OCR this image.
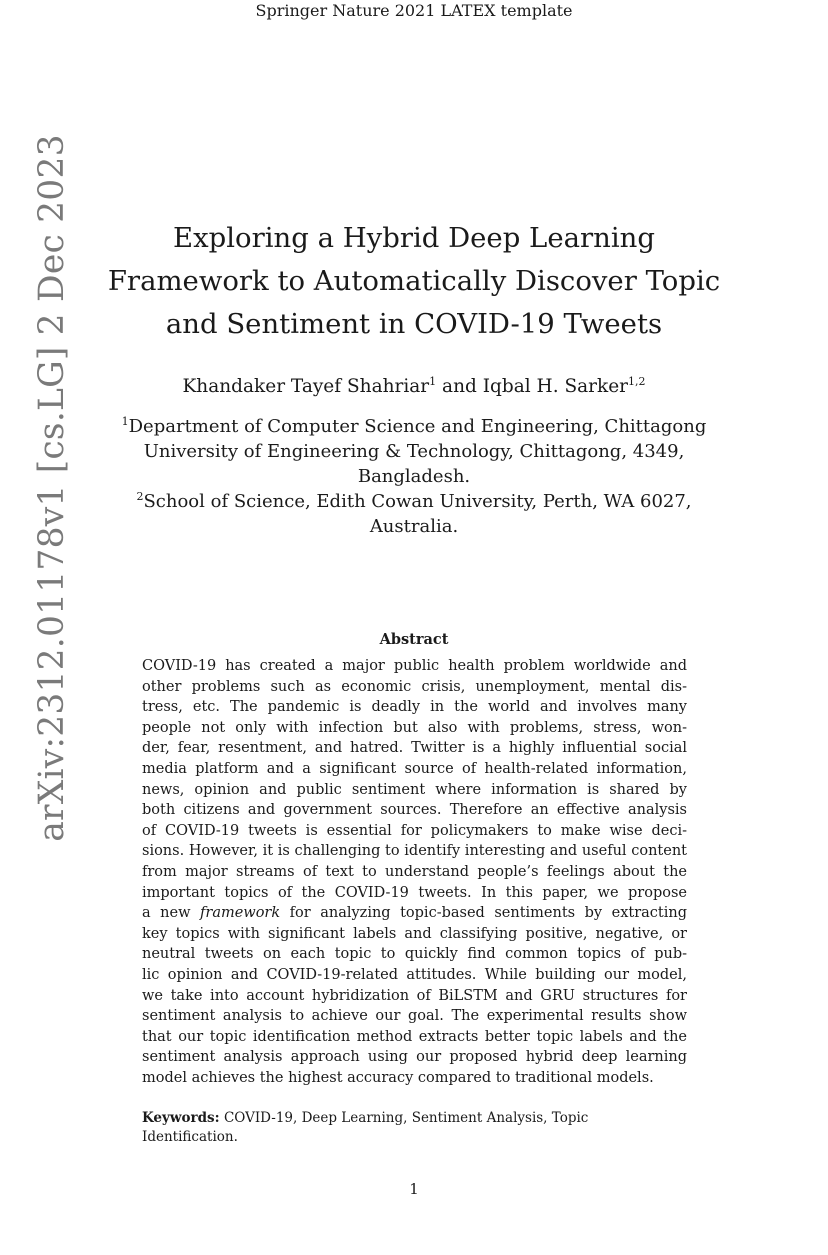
Springer Nature 2021 LATEX template
arXiv:2312.01178v1 [cs.LG] 2 Dec 2023	Exploring a Hybrid Deep Learning
Framework to Automatically Discover Topic
and Sentiment in COVID-19 Tweets
Khandaker Tayef Shahriar$^1$ and Iqbal H. Sarker$^{1,2}$
$^1$Department of Computer Science and Engineering, Chittagong
University of Engineering & Technology, Chittagong, 4349,
Bangladesh.
$^2$School of Science, Edith Cowan University, Perth, WA 6027,
Australia.
Abstract
COVID-19 has created a major public health problem worldwide and
other problems such as economic crisis, unemployment, mental dis-
tress, etc. The pandemic is deadly in the world and involves many
people not only with infection but also with problems, stress, won-
der, fear, resentment, and hatred. Twitter is a highly influential social
media platform and a significant source of health-related information,
news, opinion and public sentiment where information is shared by
both citizens and government sources. Therefore an effective analysis
of COVID-19 tweets is essential for policymakers to make wise deci-
sions. However, it is challenging to identify interesting and useful content
from major streams of text to understand people’s feelings about the
important topics of the COVID-19 tweets. In this paper, we propose
a new framework for analyzing topic-based sentiments by extracting
key topics with significant labels and classifying positive, negative, or
neutral tweets on each topic to quickly find common topics of pub-
lic opinion and COVID-19-related attitudes. While building our model,
we take into account hybridization of BiLSTM and GRU structures for
sentiment analysis to achieve our goal. The experimental results show
that our topic identification method extracts better topic labels and the
sentiment analysis approach using our proposed hybrid deep learning
model achieves the highest accuracy compared to traditional models.
Keywords: COVID-19, Deep Learning, Sentiment Analysis, Topic
Identification.
1
